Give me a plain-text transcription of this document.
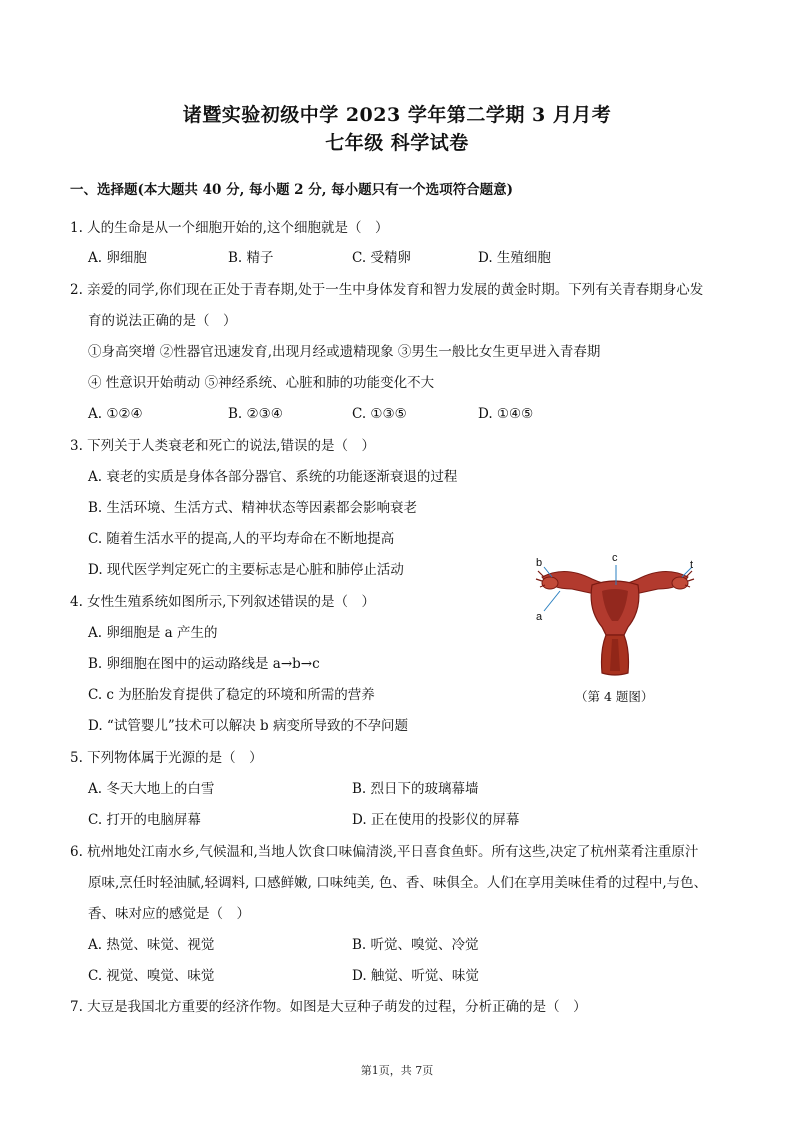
诸暨实验初级中学 2023 学年第二学期 3 月月考
七年级 科学试卷
一、选择题(本大题共 40 分, 每小题 2 分, 每小题只有一个选项符合题意)
1. 人的生命是从一个细胞开始的,这个细胞就是（　）
A. 卵细胞	B. 精子	C. 受精卵	D. 生殖细胞
2. 亲爱的同学,你们现在正处于青春期,处于一生中身体发育和智力发展的黄金时期。下列有关青春期身心发
育的说法正确的是（　）
①身高突增 ②性器官迅速发育,出现月经或遗精现象 ③男生一般比女生更早进入青春期
④ 性意识开始萌动 ⑤神经系统、心脏和肺的功能变化不大
A. ①②④	B. ②③④	C. ①③⑤	D. ①④⑤
3. 下列关于人类衰老和死亡的说法,错误的是（　）
A. 衰老的实质是身体各部分器官、系统的功能逐渐衰退的过程
B. 生活环境、生活方式、精神状态等因素都会影响衰老
C. 随着生活水平的提高,人的平均寿命在不断地提高
D. 现代医学判定死亡的主要标志是心脏和肺停止活动
4. 女性生殖系统如图所示,下列叙述错误的是（　）
A. 卵细胞是 a 产生的
B. 卵细胞在图中的运动路线是 a→b→c
C. c 为胚胎发育提供了稳定的环境和所需的营养
D. “试管婴儿”技术可以解决 b 病变所导致的不孕问题
c
b
a
t
（第 4 题图）
5. 下列物体属于光源的是（　）
A. 冬天大地上的白雪	B. 烈日下的玻璃幕墙
C. 打开的电脑屏幕	D. 正在使用的投影仪的屏幕
6. 杭州地处江南水乡,气候温和,当地人饮食口味偏清淡,平日喜食鱼虾。所有这些,决定了杭州菜肴注重原汁
原味,烹任时轻油腻,轻调料, 口感鲜嫩, 口味纯美, 色、香、味俱全。人们在享用美味佳肴的过程中,与色、
香、味对应的感觉是（　）
A. 热觉、味觉、视觉	B. 听觉、嗅觉、冷觉
C. 视觉、嗅觉、味觉	D. 触觉、听觉、味觉
7. 大豆是我国北方重要的经济作物。如图是大豆种子萌发的过程，分析正确的是（　）
第1页，共 7页
